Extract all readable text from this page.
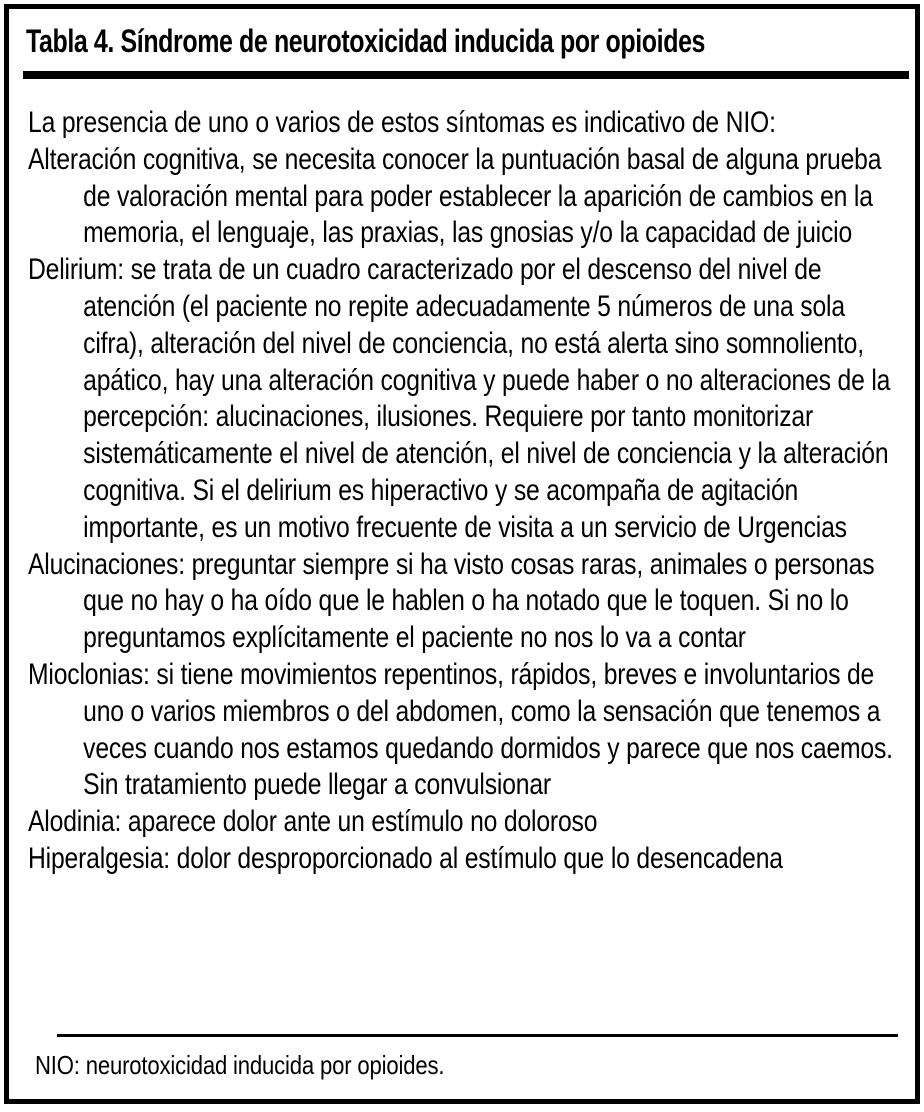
Tabla 4. Síndrome de neurotoxicidad inducida por opioides
La presencia de uno o varios de estos síntomas es indicativo de NIO:
Alteración cognitiva, se necesita conocer la puntuación basal de alguna prueba de valoración mental para poder establecer la aparición de cambios en la memoria, el lenguaje, las praxias, las gnosias y/o la capacidad de juicio
Delirium: se trata de un cuadro caracterizado por el descenso del nivel de atención (el paciente no repite adecuadamente 5 números de una sola cifra), alteración del nivel de conciencia, no está alerta sino somnoliento, apático, hay una alteración cognitiva y puede haber o no alteraciones de la percepción: alucinaciones, ilusiones. Requiere por tanto monitorizar sistemáticamente el nivel de atención, el nivel de conciencia y la alteración cognitiva. Si el delirium es hiperactivo y se acompaña de agitación importante, es un motivo frecuente de visita a un servicio de Urgencias
Alucinaciones: preguntar siempre si ha visto cosas raras, animales o personas que no hay o ha oído que le hablen o ha notado que le toquen. Si no lo preguntamos explícitamente el paciente no nos lo va a contar
Mioclonias: si tiene movimientos repentinos, rápidos, breves e involuntarios de uno o varios miembros o del abdomen, como la sensación que tenemos a veces cuando nos estamos quedando dormidos y parece que nos caemos. Sin tratamiento puede llegar a convulsionar
Alodinia: aparece dolor ante un estímulo no doloroso
Hiperalgesia: dolor desproporcionado al estímulo que lo desencadena
NIO: neurotoxicidad inducida por opioides.
